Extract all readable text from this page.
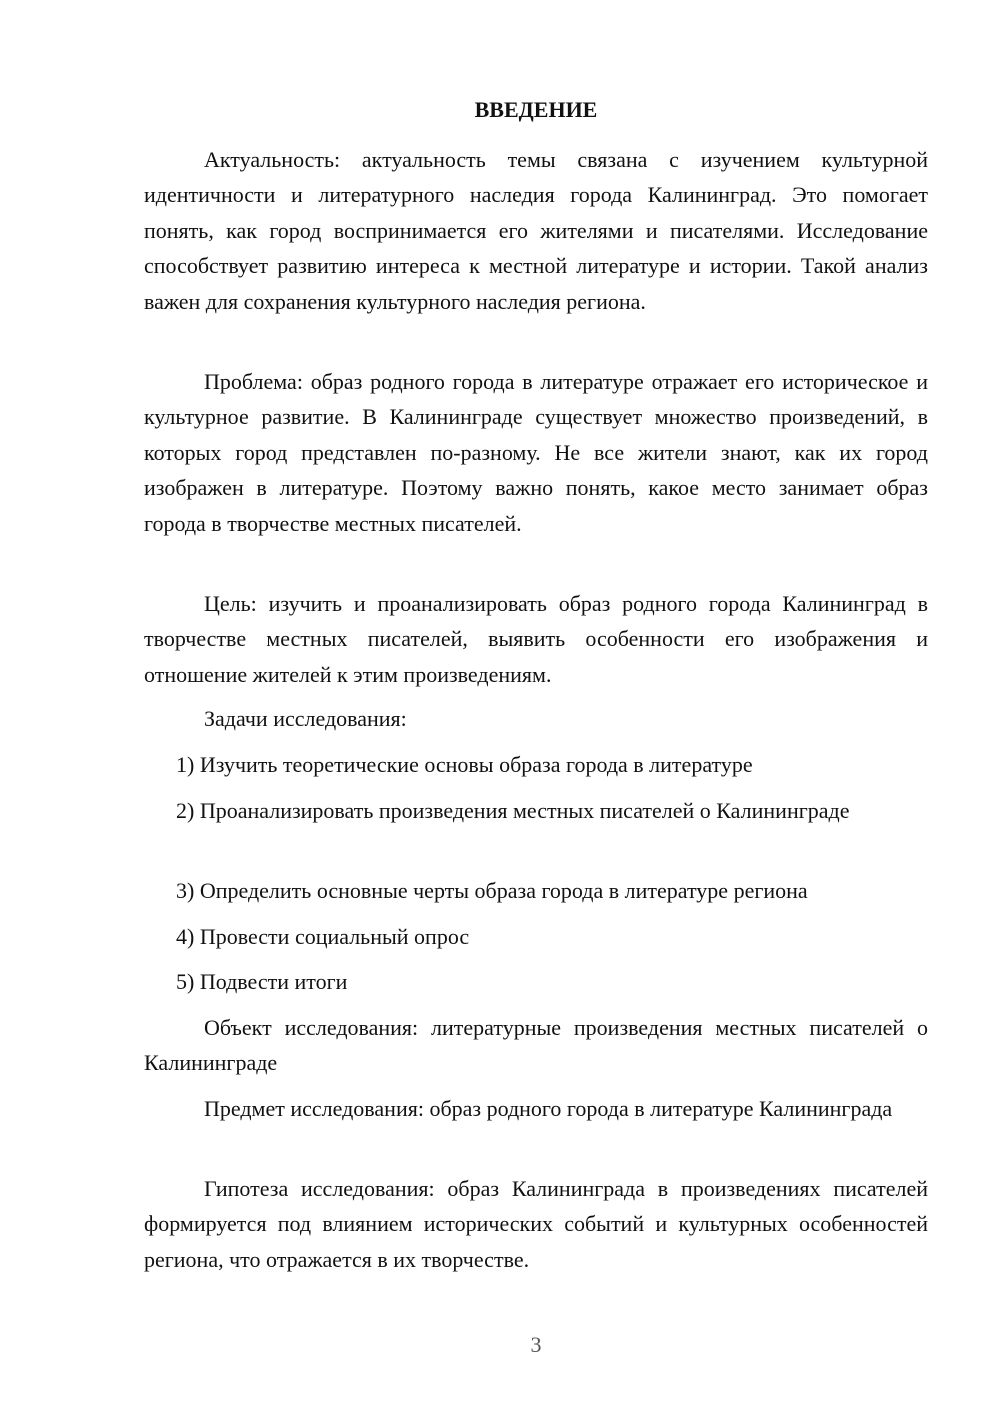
ВВЕДЕНИЕ

Актуальность: актуальность темы связана с изучением культурной идентичности и литературного наследия города Калининград. Это помогает понять, как город воспринимается его жителями и писателями. Исследование способствует развитию интереса к местной литературе и истории. Такой анализ важен для сохранения культурного наследия региона.

Проблема: образ родного города в литературе отражает его историческое и культурное развитие. В Калининграде существует множество произведений, в которых город представлен по-разному. Не все жители знают, как их город изображен в литературе. Поэтому важно понять, какое место занимает образ города в творчестве местных писателей.

Цель: изучить и проанализировать образ родного города Калининград в творчестве местных писателей, выявить особенности его изображения и отношение жителей к этим произведениям.

Задачи исследования:

1) Изучить теоретические основы образа города в литературе

2) Проанализировать произведения местных писателей о Калининграде

3) Определить основные черты образа города в литературе региона

4) Провести социальный опрос

5) Подвести итоги

Объект исследования: литературные произведения местных писателей о Калининграде

Предмет исследования: образ родного города в литературе Калининграда

Гипотеза исследования: образ Калининграда в произведениях писателей формируется под влиянием исторических событий и культурных особенностей региона, что отражается в их творчестве.

3
